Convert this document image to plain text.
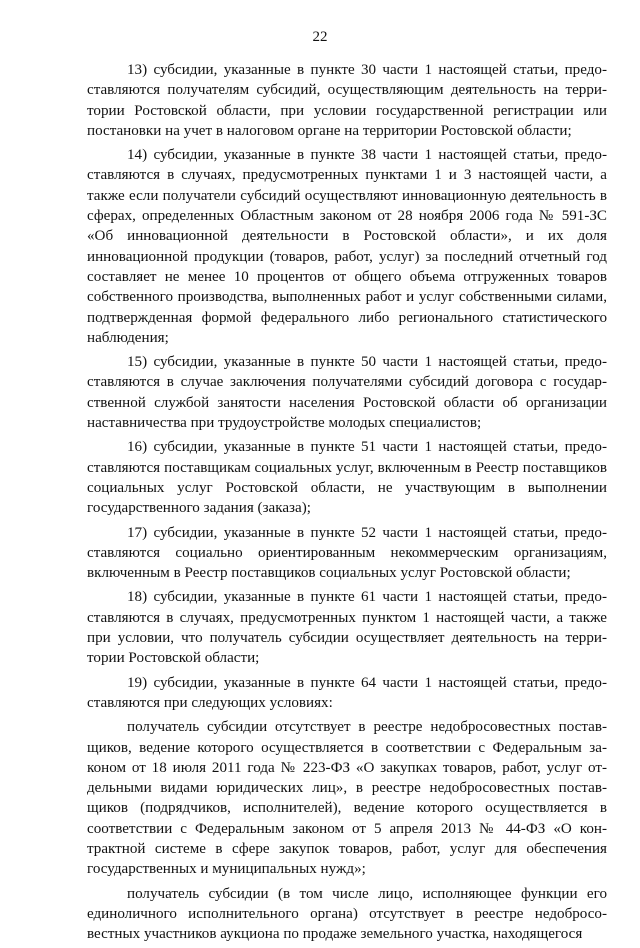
22

13) субсидии, указанные в пункте 30 части 1 настоящей статьи, предоставляются получателям субсидий, осуществляющим деятельность на территории Ростовской области, при условии государственной регистрации или постановки на учет в налоговом органе на территории Ростовской области;

14) субсидии, указанные в пункте 38 части 1 настоящей статьи, предоставляются в случаях, предусмотренных пунктами 1 и 3 настоящей части, а также если получатели субсидий осуществляют инновационную деятельность в сферах, определенных Областным законом от 28 ноября 2006 года № 591-ЗС «Об инновационной деятельности в Ростовской области», и их доля инновационной продукции (товаров, работ, услуг) за последний отчетный год составляет не менее 10 процентов от общего объема отгруженных товаров собственного производства, выполненных работ и услуг собственными силами, подтвержденная формой федерального либо регионального статистического наблюдения;

15) субсидии, указанные в пункте 50 части 1 настоящей статьи, предоставляются в случае заключения получателями субсидий договора с государственной службой занятости населения Ростовской области об организации наставничества при трудоустройстве молодых специалистов;

16) субсидии, указанные в пункте 51 части 1 настоящей статьи, предоставляются поставщикам социальных услуг, включенным в Реестр поставщиков социальных услуг Ростовской области, не участвующим в выполнении государственного задания (заказа);

17) субсидии, указанные в пункте 52 части 1 настоящей статьи, предоставляются социально ориентированным некоммерческим организациям, включенным в Реестр поставщиков социальных услуг Ростовской области;

18) субсидии, указанные в пункте 61 части 1 настоящей статьи, предоставляются в случаях, предусмотренных пунктом 1 настоящей части, а также при условии, что получатель субсидии осуществляет деятельность на территории Ростовской области;

19) субсидии, указанные в пункте 64 части 1 настоящей статьи, предоставляются при следующих условиях:

получатель субсидии отсутствует в реестре недобросовестных поставщиков, ведение которого осуществляется в соответствии с Федеральным законом от 18 июля 2011 года № 223-ФЗ «О закупках товаров, работ, услуг отдельными видами юридических лиц», в реестре недобросовестных поставщиков (подрядчиков, исполнителей), ведение которого осуществляется в соответствии с Федеральным законом от 5 апреля 2013 № 44-ФЗ «О контрактной системе в сфере закупок товаров, работ, услуг для обеспечения государственных и муниципальных нужд»;

получатель субсидии (в том числе лицо, исполняющее функции его единоличного исполнительного органа) отсутствует в реестре недобросовестных участников аукциона по продаже земельного участка, находящегося
